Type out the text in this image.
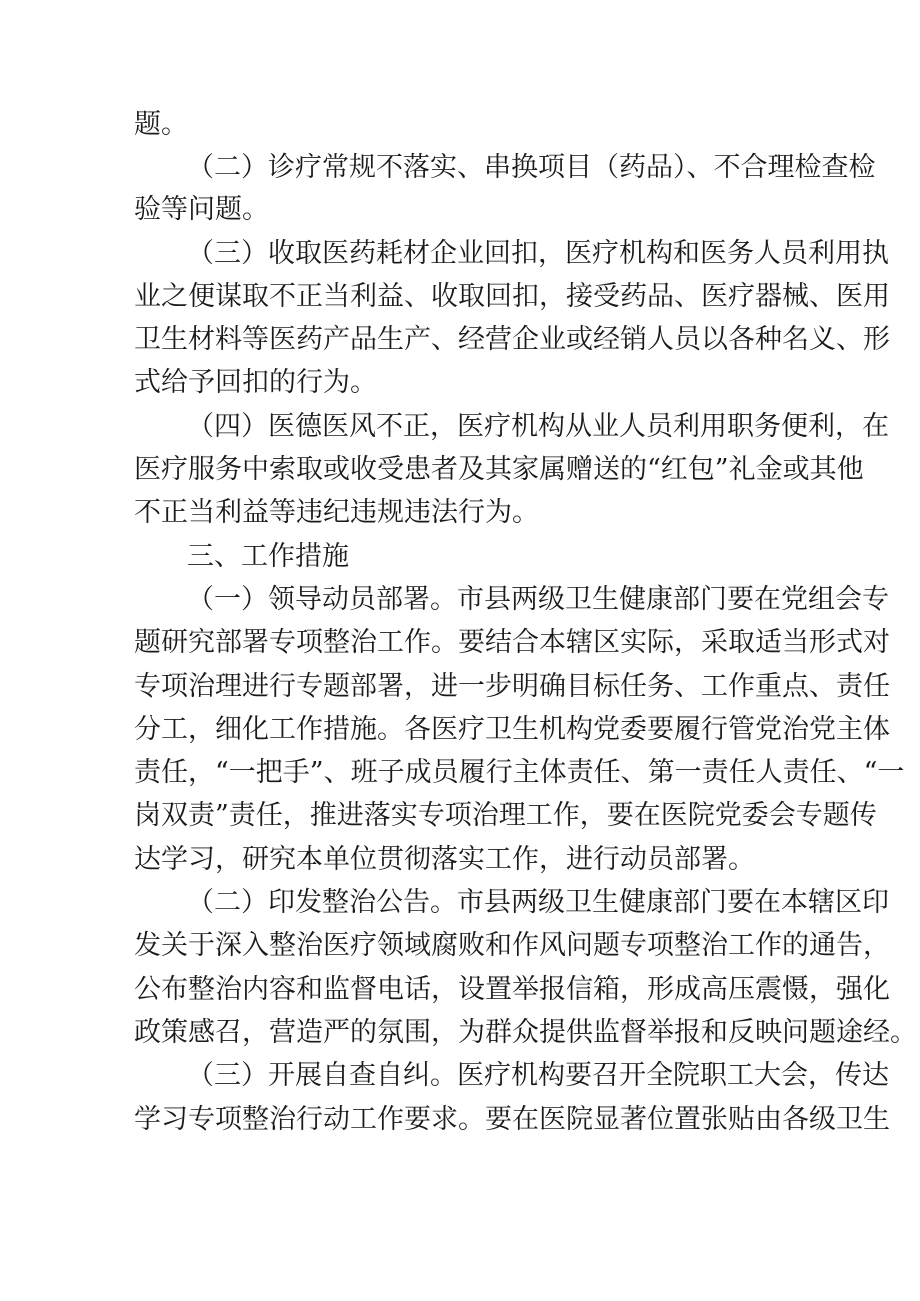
题。
（二）诊疗常规不落实、串换项目（药品）、不合理检查检
验等问题。
（三）收取医药耗材企业回扣，医疗机构和医务人员利用执
业之便谋取不正当利益、收取回扣，接受药品、医疗器械、医用
卫生材料等医药产品生产、经营企业或经销人员以各种名义、形
式给予回扣的行为。
（四）医德医风不正，医疗机构从业人员利用职务便利，在
医疗服务中索取或收受患者及其家属赠送的“红包”礼金或其他
不正当利益等违纪违规违法行为。
三、工作措施
（一）领导动员部署。市县两级卫生健康部门要在党组会专
题研究部署专项整治工作。要结合本辖区实际，采取适当形式对
专项治理进行专题部署，进一步明确目标任务、工作重点、责任
分工，细化工作措施。各医疗卫生机构党委要履行管党治党主体
责任，“一把手”、班子成员履行主体责任、第一责任人责任、“一
岗双责”责任，推进落实专项治理工作，要在医院党委会专题传
达学习，研究本单位贯彻落实工作，进行动员部署。
（二）印发整治公告。市县两级卫生健康部门要在本辖区印
发关于深入整治医疗领域腐败和作风问题专项整治工作的通告，
公布整治内容和监督电话，设置举报信箱，形成高压震慑，强化
政策感召，营造严的氛围，为群众提供监督举报和反映问题途经。
（三）开展自查自纠。医疗机构要召开全院职工大会，传达
学习专项整治行动工作要求。要在医院显著位置张贴由各级卫生
